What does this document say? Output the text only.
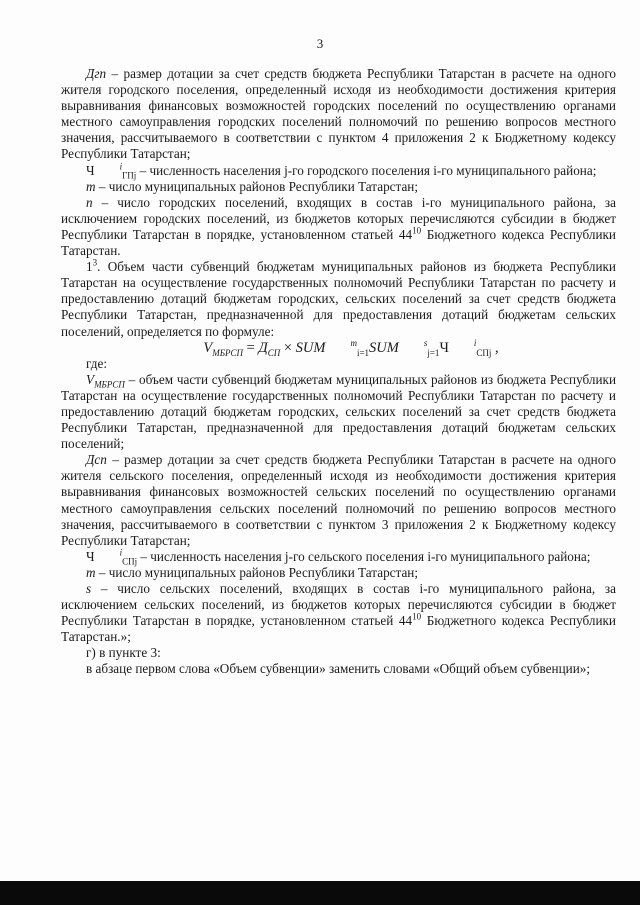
3

Дгп – размер дотации за счет средств бюджета Республики Татарстан в расчете на одного жителя городского поселения, определенный исходя из необходимости достижения критерия выравнивания финансовых возможностей городских поселений по осуществлению органами местного самоуправления городских поселений полномочий по решению вопросов местного значения, рассчитываемого в соответствии с пунктом 4 приложения 2 к Бюджетному кодексу Республики Татарстан;

Ч	$^i_{ГПj}$ – численность населения j-го городского поселения i-го муниципального района;

m – число муниципальных районов Республики Татарстан;

n – число городских поселений, входящих в состав i-го муниципального района, за исключением городских поселений, из бюджетов которых перечисляются субсидии в бюджет Республики Татарстан в порядке, установленном статьей $44^{10}$ Бюджетного кодекса Республики Татарстан.

$1^3$. Объем части субвенций бюджетам муниципальных районов из бюджета Республики Татарстан на осуществление государственных полномочий Республики Татарстан по расчету и предоставлению дотаций бюджетам городских, сельских поселений за счет средств бюджета Республики Татарстан, предназначенной для предоставления дотаций бюджетам сельских поселений, определяется по формуле:

$V_{МБРСП} = Д_{СП}$ × SUM	$^m_{i=1}$SUM	$^s_{j=1}$Ч	$^i_{СПj}$ ,

где:

$V_{МБРСП}$ – объем части субвенций бюджетам муниципальных районов из бюджета Республики Татарстан на осуществление государственных полномочий Республики Татарстан по расчету и предоставлению дотаций бюджетам городских, сельских поселений за счет средств бюджета Республики Татарстан, предназначенной для предоставления дотаций бюджетам сельских поселений;

Дсп – размер дотации за счет средств бюджета Республики Татарстан в расчете на одного жителя сельского поселения, определенный исходя из необходимости достижения критерия выравнивания финансовых возможностей сельских поселений по осуществлению органами местного самоуправления сельских поселений полномочий по решению вопросов местного значения, рассчитываемого в соответствии с пунктом 3 приложения 2 к Бюджетному кодексу Республики Татарстан;

Ч	$^i_{СПj}$ – численность населения j-го сельского поселения i-го муниципального района;

m – число муниципальных районов Республики Татарстан;

s – число сельских поселений, входящих в состав i-го муниципального района, за исключением сельских поселений, из бюджетов которых перечисляются субсидии в бюджет Республики Татарстан в порядке, установленном статьей $44^{10}$ Бюджетного кодекса Республики Татарстан.»;

г) в пункте 3:

в абзаце первом слова «Объем субвенции» заменить словами «Общий объем субвенции»;
